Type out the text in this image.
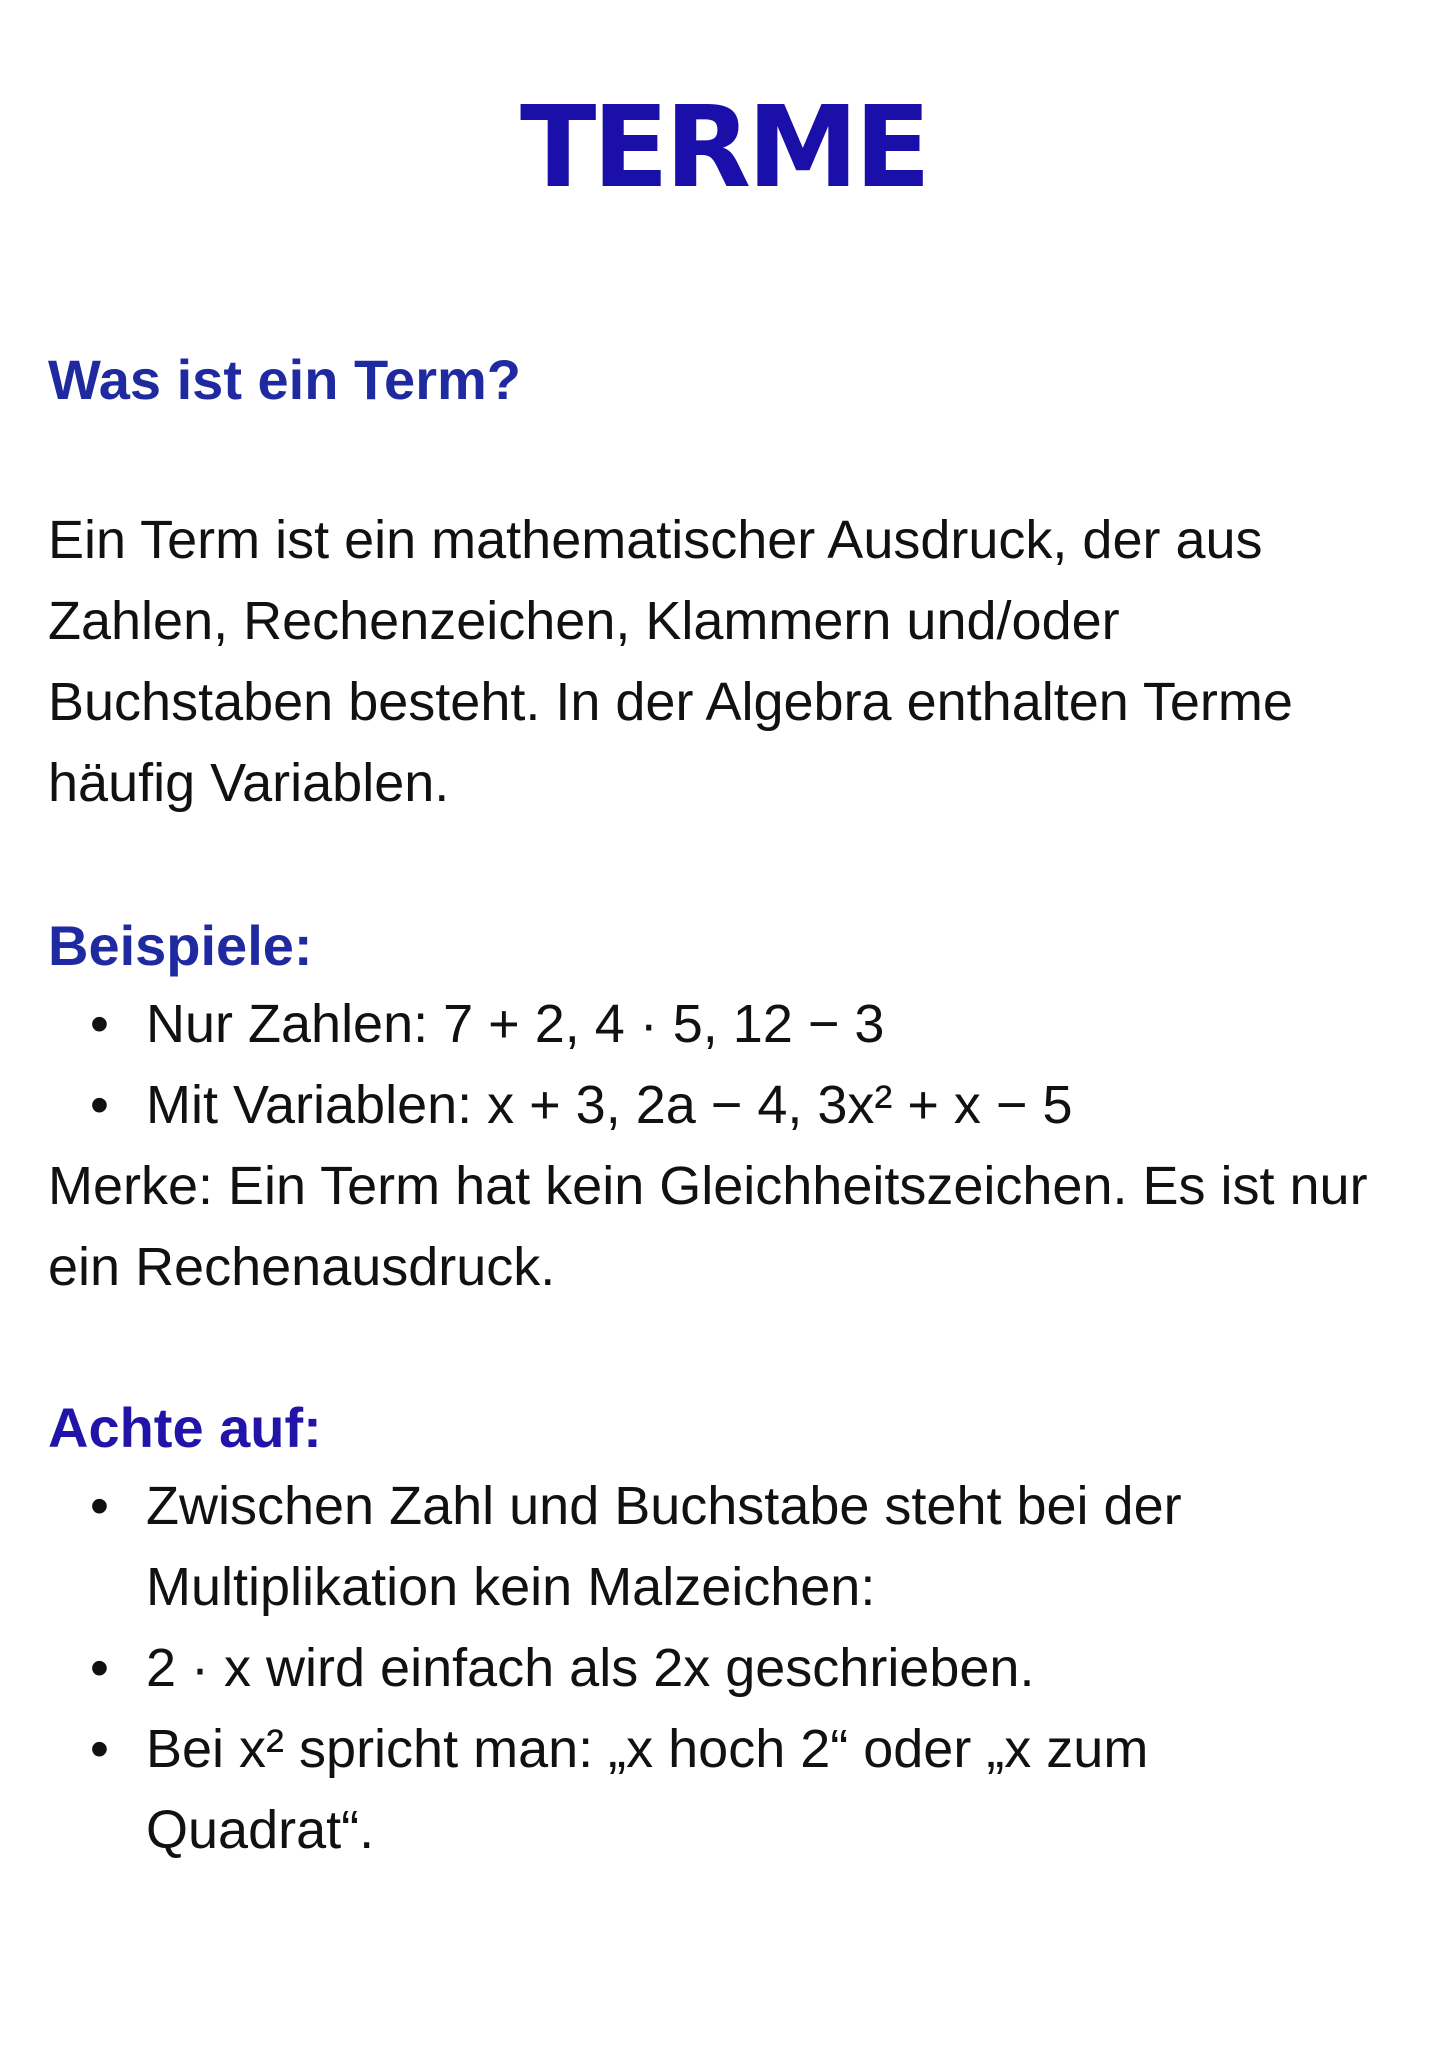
TERME
Was ist ein Term?

Ein Term ist ein mathematischer Ausdruck, der aus Zahlen, Rechenzeichen, Klammern und/oder Buchstaben besteht. In der Algebra enthalten Terme häufig Variablen.

Beispiele:
• Nur Zahlen: 7 + 2, 4 · 5, 12 − 3
• Mit Variablen: x + 3, 2a − 4, 3x² + x − 5

Merke: Ein Term hat kein Gleichheitszeichen. Es ist nur ein Rechenausdruck.

Achte auf:
• Zwischen Zahl und Buchstabe steht bei der Multiplikation kein Malzeichen:
• 2 · x wird einfach als 2x geschrieben.
• Bei x² spricht man: „x hoch 2“ oder „x zum Quadrat“.
